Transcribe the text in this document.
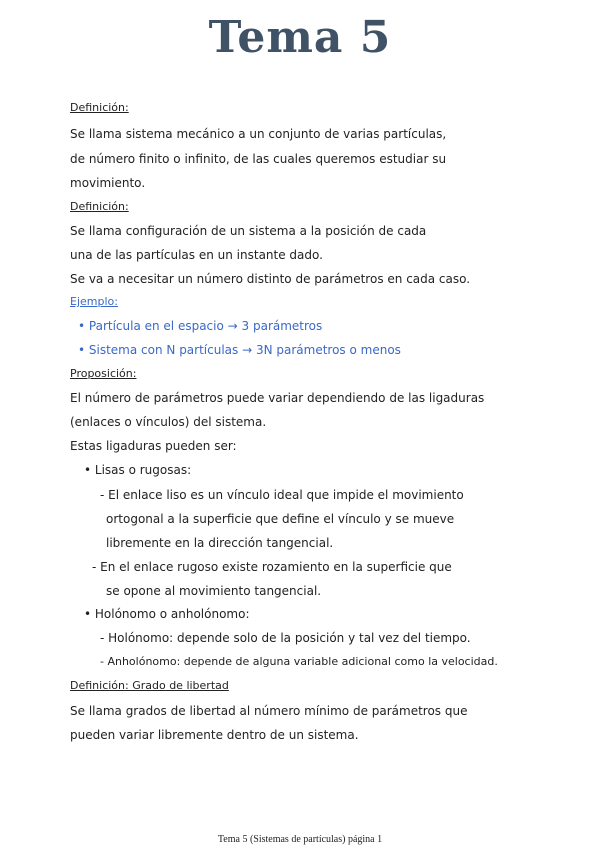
Tema 5
Definición:
Se llama sistema mecánico a un conjunto de varias partículas,
de número finito o infinito, de las cuales queremos estudiar su
movimiento.
Definición:
Se llama configuración de un sistema a la posición de cada
una de las partículas en un instante dado.
Se va a necesitar un número distinto de parámetros en cada caso.
Ejemplo:
• Partícula en el espacio → 3 parámetros
• Sistema con N partículas → 3N parámetros o menos
Proposición:
El número de parámetros puede variar dependiendo de las ligaduras
(enlaces o vínculos) del sistema.
Estas ligaduras pueden ser:
• Lisas o rugosas:
- El enlace liso es un vínculo ideal que impide el movimiento
ortogonal a la superficie que define el vínculo y se mueve
libremente en la dirección tangencial.
- En el enlace rugoso existe rozamiento en la superficie que
se opone al movimiento tangencial.
• Holónomo o anholónomo:
- Holónomo: depende solo de la posición y tal vez del tiempo.
- Anholónomo: depende de alguna variable adicional como la velocidad.
Definición: Grado de libertad
Se llama grados de libertad al número mínimo de parámetros que
pueden variar libremente dentro de un sistema.
Tema 5 (Sistemas de partículas) página 1
